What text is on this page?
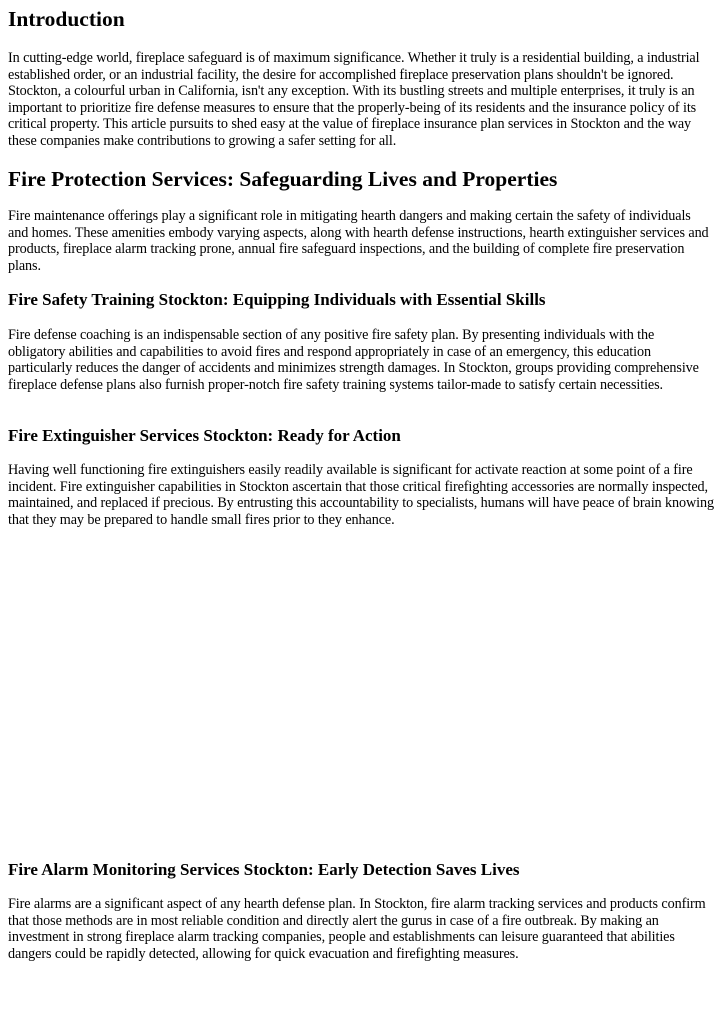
Introduction

In cutting-edge world, fireplace safeguard is of maximum significance. Whether it truly is a residential building, a industrial established order, or an industrial facility, the desire for accomplished fireplace preservation plans shouldn't be ignored. Stockton, a colourful urban in California, isn't any exception. With its bustling streets and multiple enterprises, it truly is an important to prioritize fire defense measures to ensure that the properly-being of its residents and the insurance policy of its critical property. This article pursuits to shed easy at the value of fireplace insurance plan services in Stockton and the way these companies make contributions to growing a safer setting for all.

Fire Protection Services: Safeguarding Lives and Properties

Fire maintenance offerings play a significant role in mitigating hearth dangers and making certain the safety of individuals and homes. These amenities embody varying aspects, along with hearth defense instructions, hearth extinguisher services and products, fireplace alarm tracking prone, annual fire safeguard inspections, and the building of complete fire preservation plans.

Fire Safety Training Stockton: Equipping Individuals with Essential Skills

Fire defense coaching is an indispensable section of any positive fire safety plan. By presenting individuals with the obligatory abilities and capabilities to avoid fires and respond appropriately in case of an emergency, this education particularly reduces the danger of accidents and minimizes strength damages. In Stockton, groups providing comprehensive fireplace defense plans also furnish proper-notch fire safety training systems tailor-made to satisfy certain necessities.

Fire Extinguisher Services Stockton: Ready for Action

Having well functioning fire extinguishers easily readily available is significant for activate reaction at some point of a fire incident. Fire extinguisher capabilities in Stockton ascertain that those critical firefighting accessories are normally inspected, maintained, and replaced if precious. By entrusting this accountability to specialists, humans will have peace of brain knowing that they may be prepared to handle small fires prior to they enhance.

Fire Alarm Monitoring Services Stockton: Early Detection Saves Lives

Fire alarms are a significant aspect of any hearth defense plan. In Stockton, fire alarm tracking services and products confirm that those methods are in most reliable condition and directly alert the gurus in case of a fire outbreak. By making an investment in strong fireplace alarm tracking companies, people and establishments can leisure guaranteed that abilities dangers could be rapidly detected, allowing for quick evacuation and firefighting measures.
